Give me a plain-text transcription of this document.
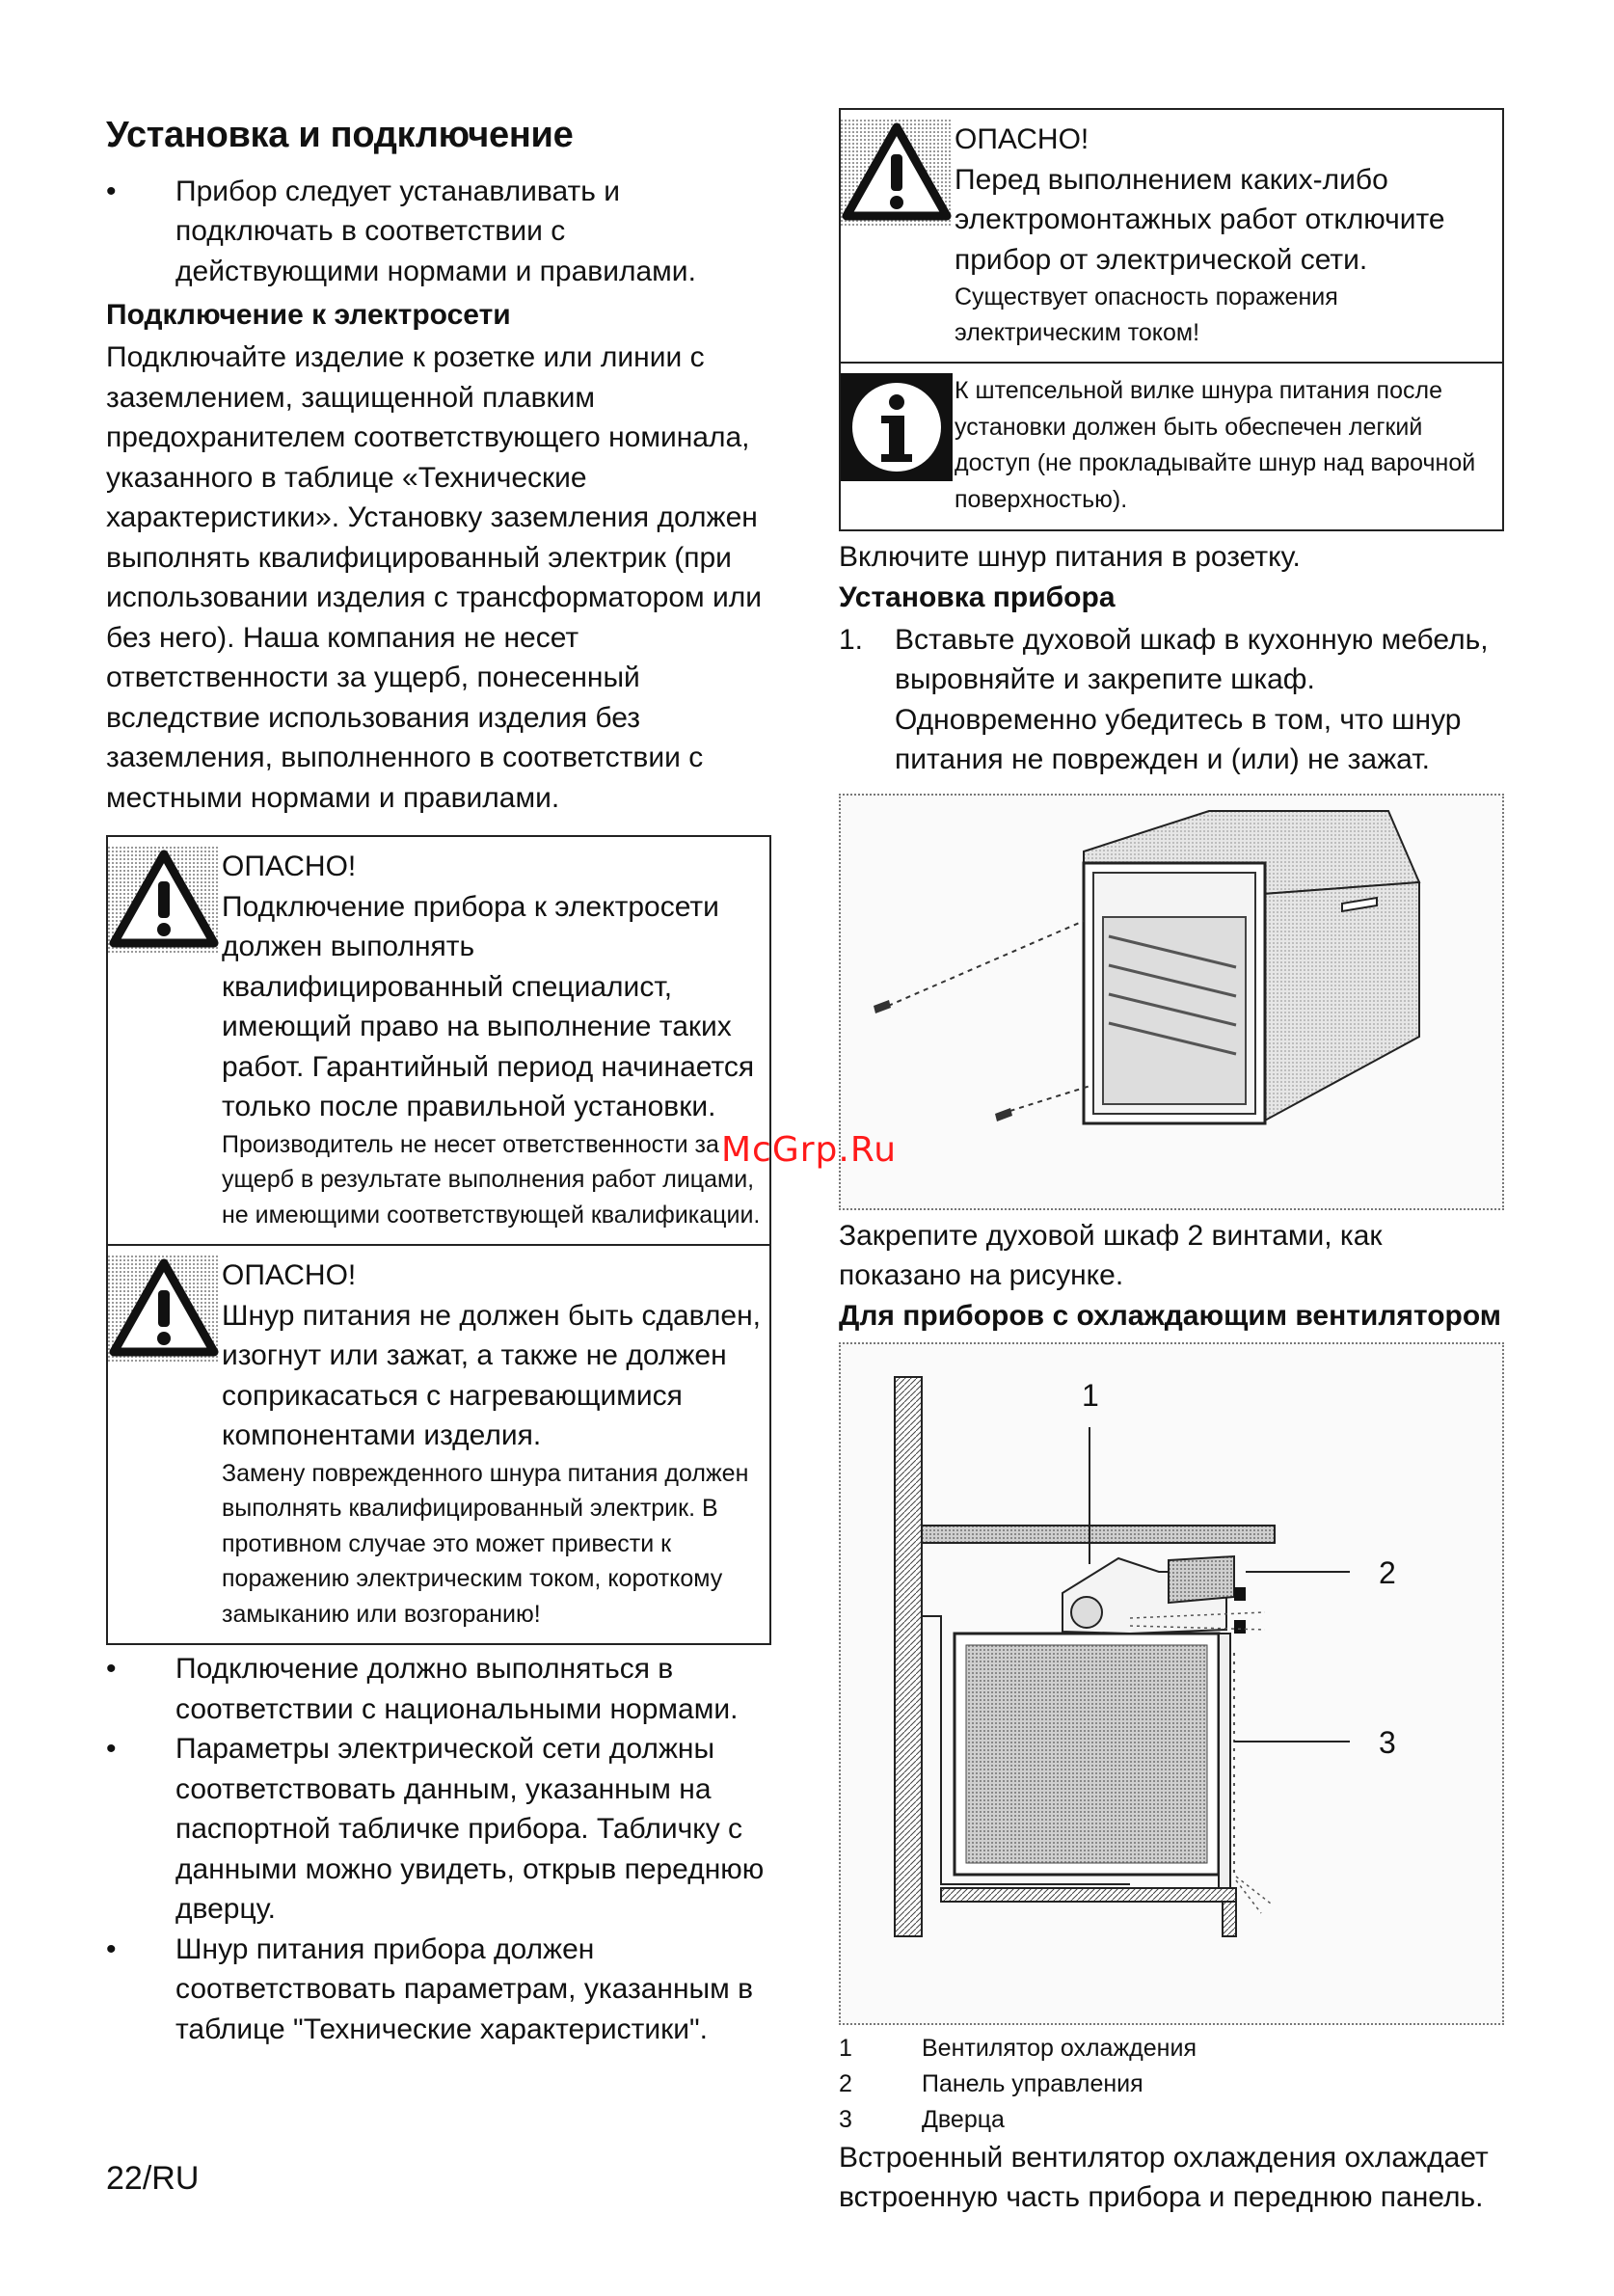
Установка и подключение
• Прибор следует устанавливать и подключать в соответствии с действующими нормами и правилами.
Подключение к электросети

Подключайте изделие к розетке или линии с заземлением, защищенной плавким предохранителем соответствующего номинала, указанного в таблице «Технические характеристики». Установку заземления должен выполнять квалифицированный электрик (при использовании изделия с трансформатором или без него). Наша компания не несет ответственности за ущерб, понесенный вследствие использования изделия без заземления, выполненного в соответствии с местными нормами и правилами.

ОПАСНО!
Подключение прибора к электросети должен выполнять квалифицированный специалист, имеющий право на выполнение таких работ. Гарантийный период начинается только после правильной установки.
Производитель не несет ответственности за ущерб в результате выполнения работ лицами, не имеющими соответствующей квалификации.
ОПАСНО!
Шнур питания не должен быть сдавлен, изогнут или зажат, а также не должен соприкасаться с нагревающимися компонентами изделия.
Замену поврежденного шнура питания должен выполнять квалифицированный электрик. В противном случае это может привести к поражению электрическим током, короткому замыканию или возгоранию!
• Подключение должно выполняться в соответствии с национальными нормами.
• Параметры электрической сети должны соответствовать данным, указанным на паспортной табличке прибора. Табличку с данными можно увидеть, открыв переднюю дверцу.
• Шнур питания прибора должен соответствовать параметрам, указанным в таблице "Технические характеристики".
ОПАСНО!
Перед выполнением каких-либо электромонтажных работ отключите прибор от электрической сети.
Существует опасность поражения электрическим током!
К штепсельной вилке шнура питания после установки должен быть обеспечен легкий доступ (не прокладывайте шнур над варочной поверхностью).

Включите шнур питания в розетку.

Установка прибора
1.	Вставьте духовой шкаф в кухонную мебель, выровняйте и закрепите шкаф. Одновременно убедитесь в том, что шнур питания не поврежден и (или) не зажат.

Закрепите духовой шкаф 2 винтами, как показано на рисунке.

Для приборов с охлаждающим вентилятором
1
2
3
1	Вентилятор охлаждения
2	Панель управления
3	Дверца

Встроенный вентилятор охлаждения охлаждает встроенную часть прибора и переднюю панель.

22/RU
McGrp.Ru
